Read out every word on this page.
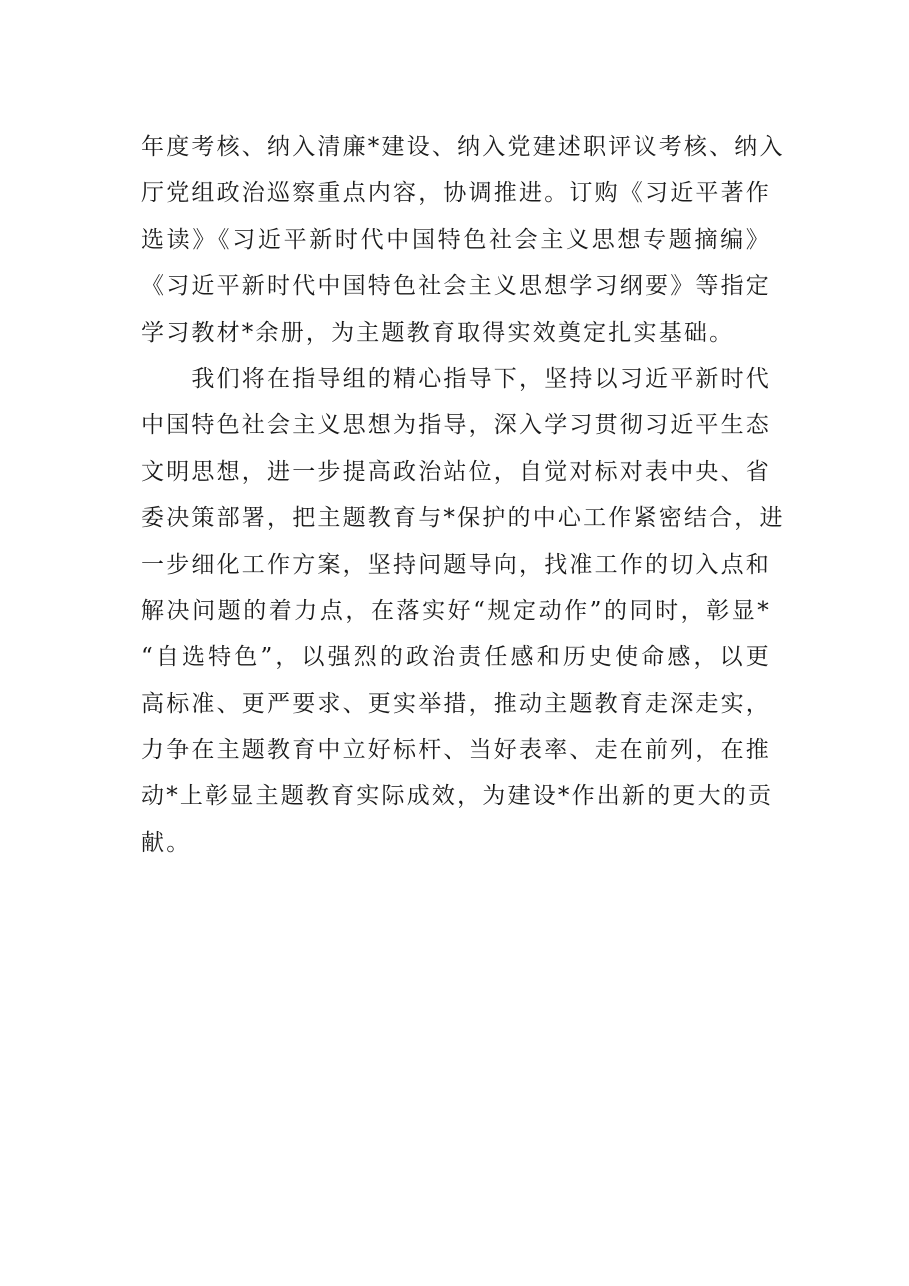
年度考核、纳入清廉*建设、纳入党建述职评议考核、纳入
厅党组政治巡察重点内容，协调推进。订购《习近平著作
选读》《习近平新时代中国特色社会主义思想专题摘编》
《习近平新时代中国特色社会主义思想学习纲要》等指定
学习教材*余册，为主题教育取得实效奠定扎实基础。
　　我们将在指导组的精心指导下，坚持以习近平新时代
中国特色社会主义思想为指导，深入学习贯彻习近平生态
文明思想，进一步提高政治站位，自觉对标对表中央、省
委决策部署，把主题教育与*保护的中心工作紧密结合，进
一步细化工作方案，坚持问题导向，找准工作的切入点和
解决问题的着力点，在落实好“规定动作”的同时，彰显*
“自选特色”，以强烈的政治责任感和历史使命感，以更
高标准、更严要求、更实举措，推动主题教育走深走实，
力争在主题教育中立好标杆、当好表率、走在前列，在推
动*上彰显主题教育实际成效，为建设*作出新的更大的贡
献。
